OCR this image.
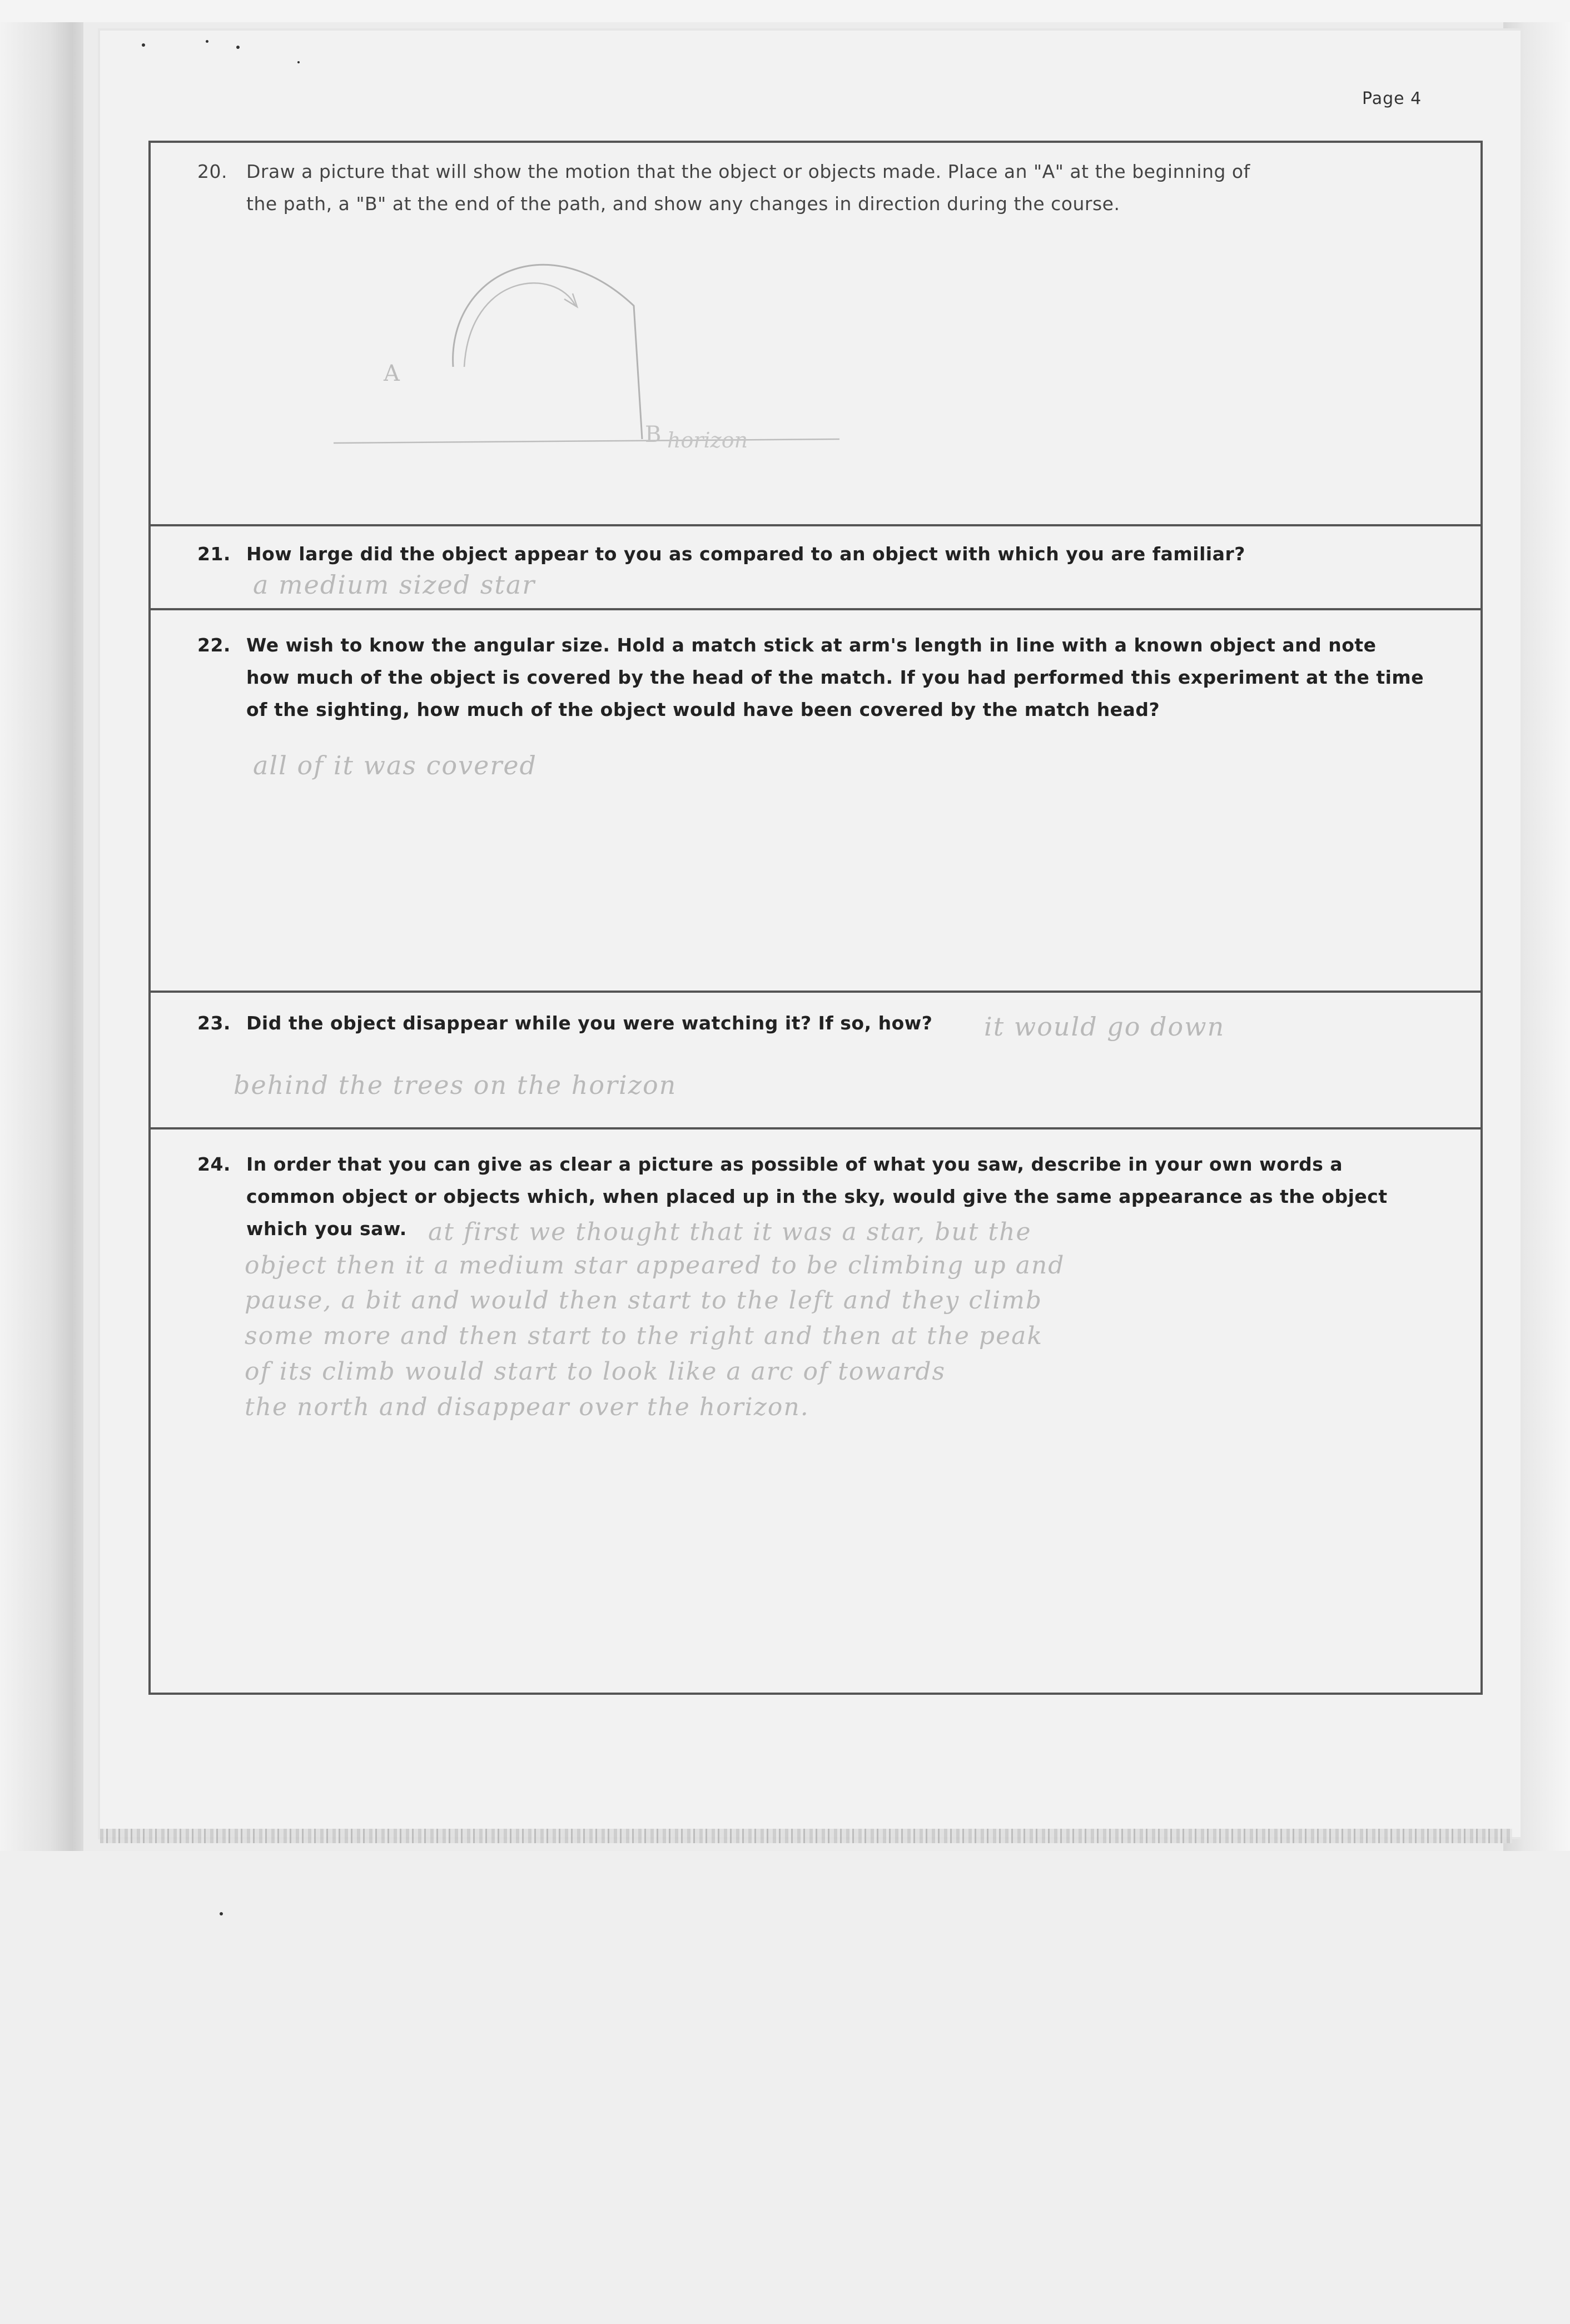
Page 4
20. Draw a picture that will show the motion that the object or objects made. Place an "A" at the beginning of
the path, a "B" at the end of the path, and show any changes in direction during the course.
A
B horizon
21. How large did the object appear to you as compared to an object with which you are familiar?
a medium sized star
22. We wish to know the angular size. Hold a match stick at arm's length in line with a known object and note
how much of the object is covered by the head of the match. If you had performed this experiment at the time
of the sighting, how much of the object would have been covered by the match head?
all of it was covered
23. Did the object disappear while you were watching it? If so, how? it would go down
behind the trees on the horizon
24. In order that you can give as clear a picture as possible of what you saw, describe in your own words a
common object or objects which, when placed up in the sky, would give the same appearance as the object
which you saw. at first we thought that it was a star, but the
object then it a medium star appeared to be climbing up and
pause, a bit and would then start to the left and they climb
some more and then start to the right and then at the peak
of its climb would start to look like a arc of towards
the north and disappear over the horizon.
